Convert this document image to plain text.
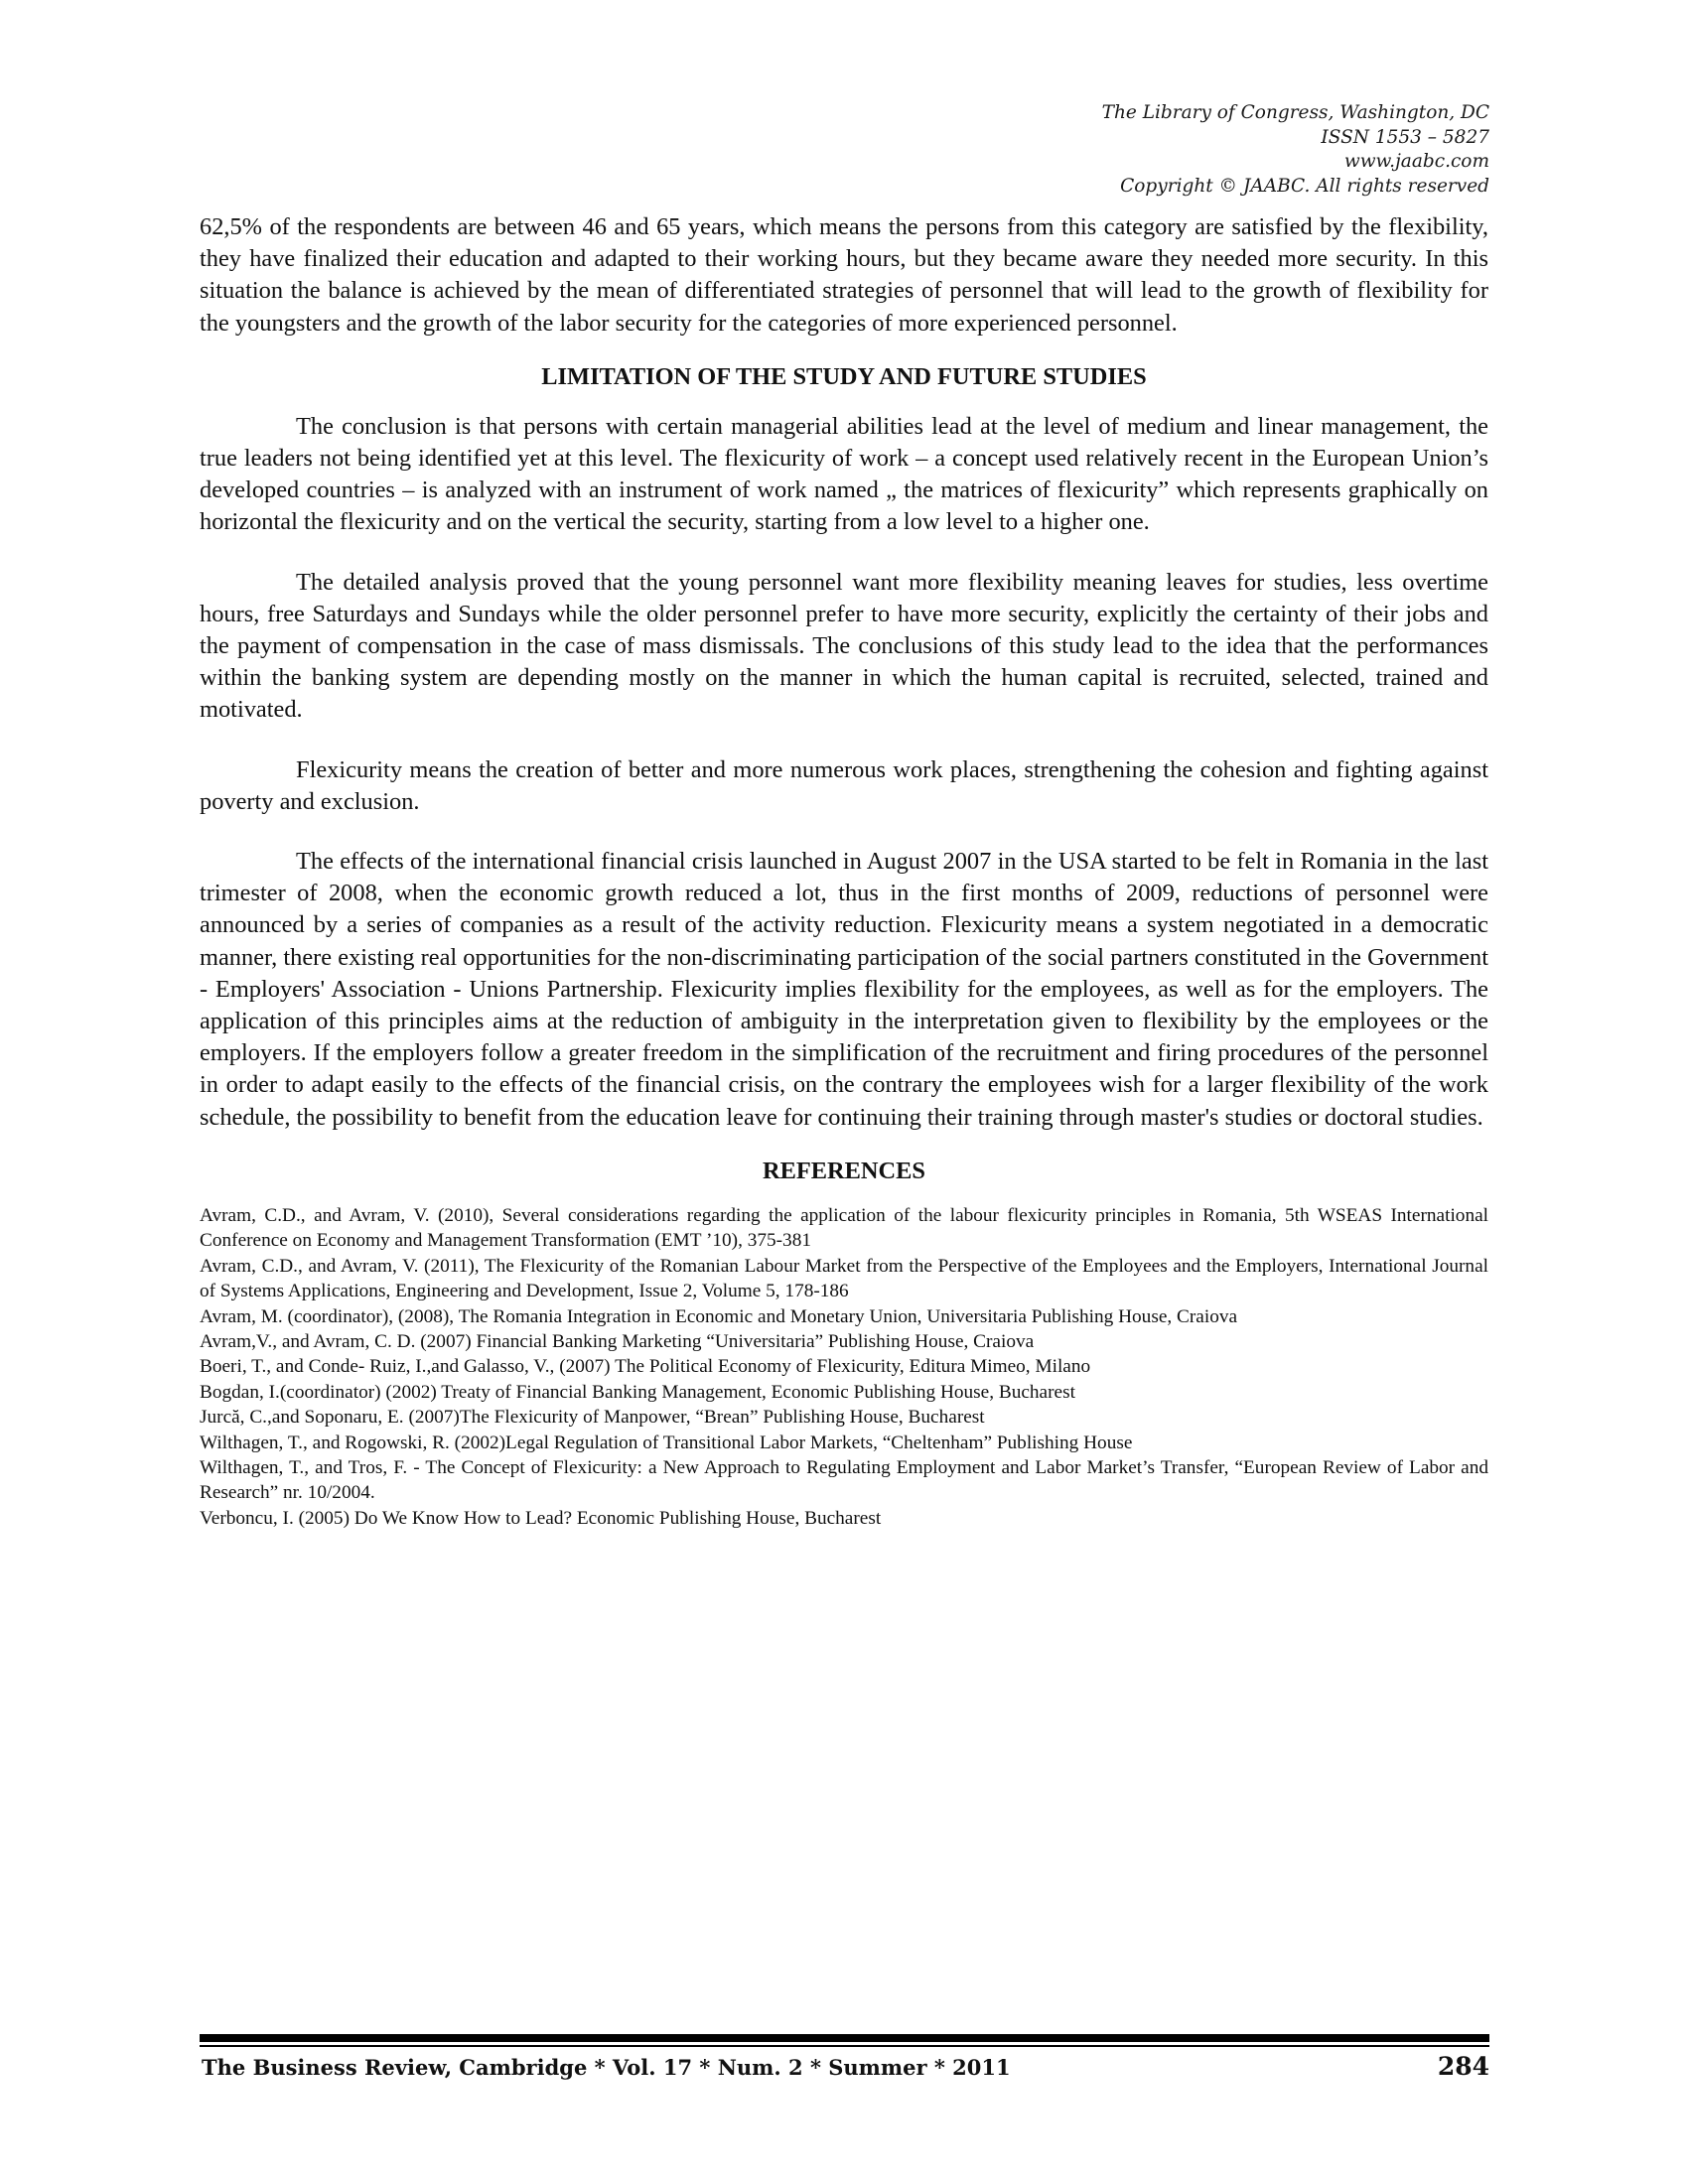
The Library of Congress, Washington, DC
ISSN 1553 – 5827
www.jaabc.com
Copyright © JAABC. All rights reserved

62,5% of the respondents are between 46 and 65 years, which means the persons from this category are satisfied by the flexibility, they have finalized their education and adapted to their working hours, but they became aware they needed more security. In this situation the balance is achieved by the mean of differentiated strategies of personnel that will lead to the growth of flexibility for the youngsters and the growth of the labor security for the categories of more experienced personnel.

LIMITATION OF THE STUDY AND FUTURE STUDIES

The conclusion is that persons with certain managerial abilities lead at the level of medium and linear management, the true leaders not being identified yet at this level. The flexicurity of work – a concept used relatively recent in the European Union’s developed countries – is analyzed with an instrument of work named „ the matrices of flexicurity” which represents graphically on horizontal the flexicurity and on the vertical the security, starting from a low level to a higher one.

The detailed analysis proved that the young personnel want more flexibility meaning leaves for studies, less overtime hours, free Saturdays and Sundays while the older personnel prefer to have more security, explicitly the certainty of their jobs and the payment of compensation in the case of mass dismissals. The conclusions of this study lead to the idea that the performances within the banking system are depending mostly on the manner in which the human capital is recruited, selected, trained and motivated.

Flexicurity means the creation of better and more numerous work places, strengthening the cohesion and fighting against poverty and exclusion.

The effects of the international financial crisis launched in August 2007 in the USA started to be felt in Romania in the last trimester of 2008, when the economic growth reduced a lot, thus in the first months of 2009, reductions of personnel were announced by a series of companies as a result of the activity reduction. Flexicurity means a system negotiated in a democratic manner, there existing real opportunities for the non-discriminating participation of the social partners constituted in the Government - Employers' Association - Unions Partnership. Flexicurity implies flexibility for the employees, as well as for the employers. The application of this principles aims at the reduction of ambiguity in the interpretation given to flexibility by the employees or the employers. If the employers follow a greater freedom in the simplification of the recruitment and firing procedures of the personnel in order to adapt easily to the effects of the financial crisis, on the contrary the employees wish for a larger flexibility of the work schedule, the possibility to benefit from the education leave for continuing their training through master's studies or doctoral studies.

REFERENCES

Avram, C.D., and Avram, V. (2010), Several considerations regarding the application of the labour flexicurity principles in Romania, 5th WSEAS International Conference on Economy and Management Transformation (EMT ’10), 375-381

Avram, C.D., and Avram, V. (2011), The Flexicurity of the Romanian Labour Market from the Perspective of the Employees and the Employers, International Journal of Systems Applications, Engineering and Development, Issue 2, Volume 5, 178-186

Avram, M. (coordinator), (2008), The Romania Integration in Economic and Monetary Union, Universitaria Publishing House, Craiova

Avram,V., and Avram, C. D. (2007) Financial Banking Marketing “Universitaria” Publishing House, Craiova

Boeri, T., and Conde- Ruiz, I.,and Galasso, V., (2007) The Political Economy of Flexicurity, Editura Mimeo, Milano

Bogdan, I.(coordinator) (2002) Treaty of Financial Banking Management, Economic Publishing House, Bucharest

Jurcă, C.,and Soponaru, E. (2007)The Flexicurity of Manpower, “Brean” Publishing House, Bucharest

Wilthagen, T., and Rogowski, R. (2002)Legal Regulation of Transitional Labor Markets, “Cheltenham” Publishing House

Wilthagen, T., and Tros, F. - The Concept of Flexicurity: a New Approach to Regulating Employment and Labor Market’s Transfer, “European Review of Labor and Research” nr. 10/2004.

Verboncu, I. (2005) Do We Know How to Lead? Economic Publishing House, Bucharest

The Business Review, Cambridge * Vol. 17 * Num. 2 * Summer * 2011	284
